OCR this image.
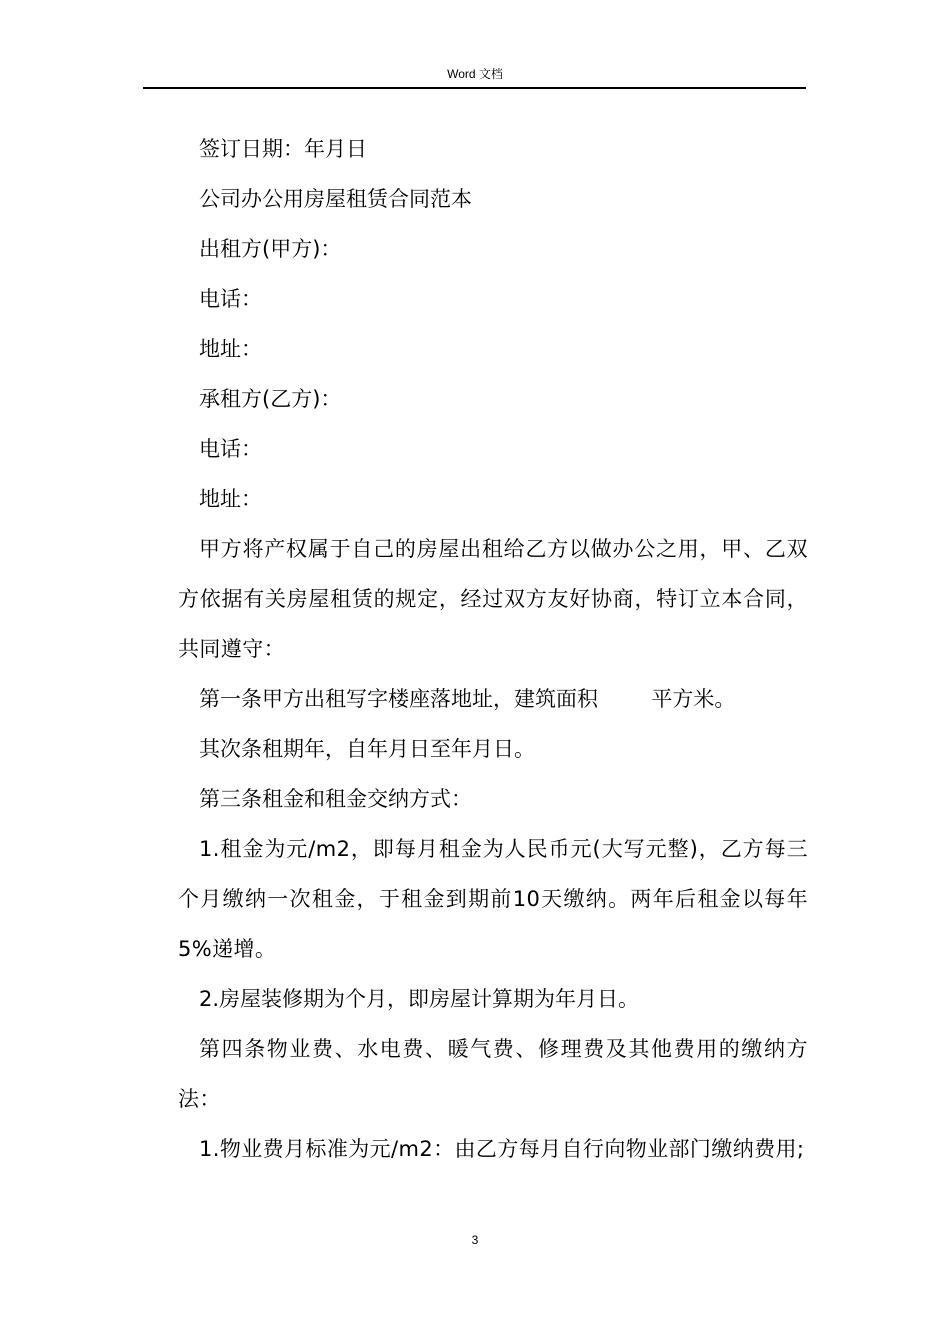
Word 文档

签订日期：年月日

公司办公用房屋租赁合同范本

出租方(甲方)：

电话：

地址：

承租方(乙方)：

电话：

地址：

甲方将产权属于自己的房屋出租给乙方以做办公之用，甲、乙双方依据有关房屋租赁的规定，经过双方友好协商，特订立本合同，共同遵守：

第一条甲方出租写字楼座落地址，建筑面积        平方米。

其次条租期年，自年月日至年月日。

第三条租金和租金交纳方式：

1.租金为元/m2，即每月租金为人民币元(大写元整)，乙方每三个月缴纳一次租金，于租金到期前10天缴纳。两年后租金以每年5%递增。

2.房屋装修期为个月，即房屋计算期为年月日。

第四条物业费、水电费、暖气费、修理费及其他费用的缴纳方法：

1.物业费月标准为元/m2：由乙方每月自行向物业部门缴纳费用;

3
